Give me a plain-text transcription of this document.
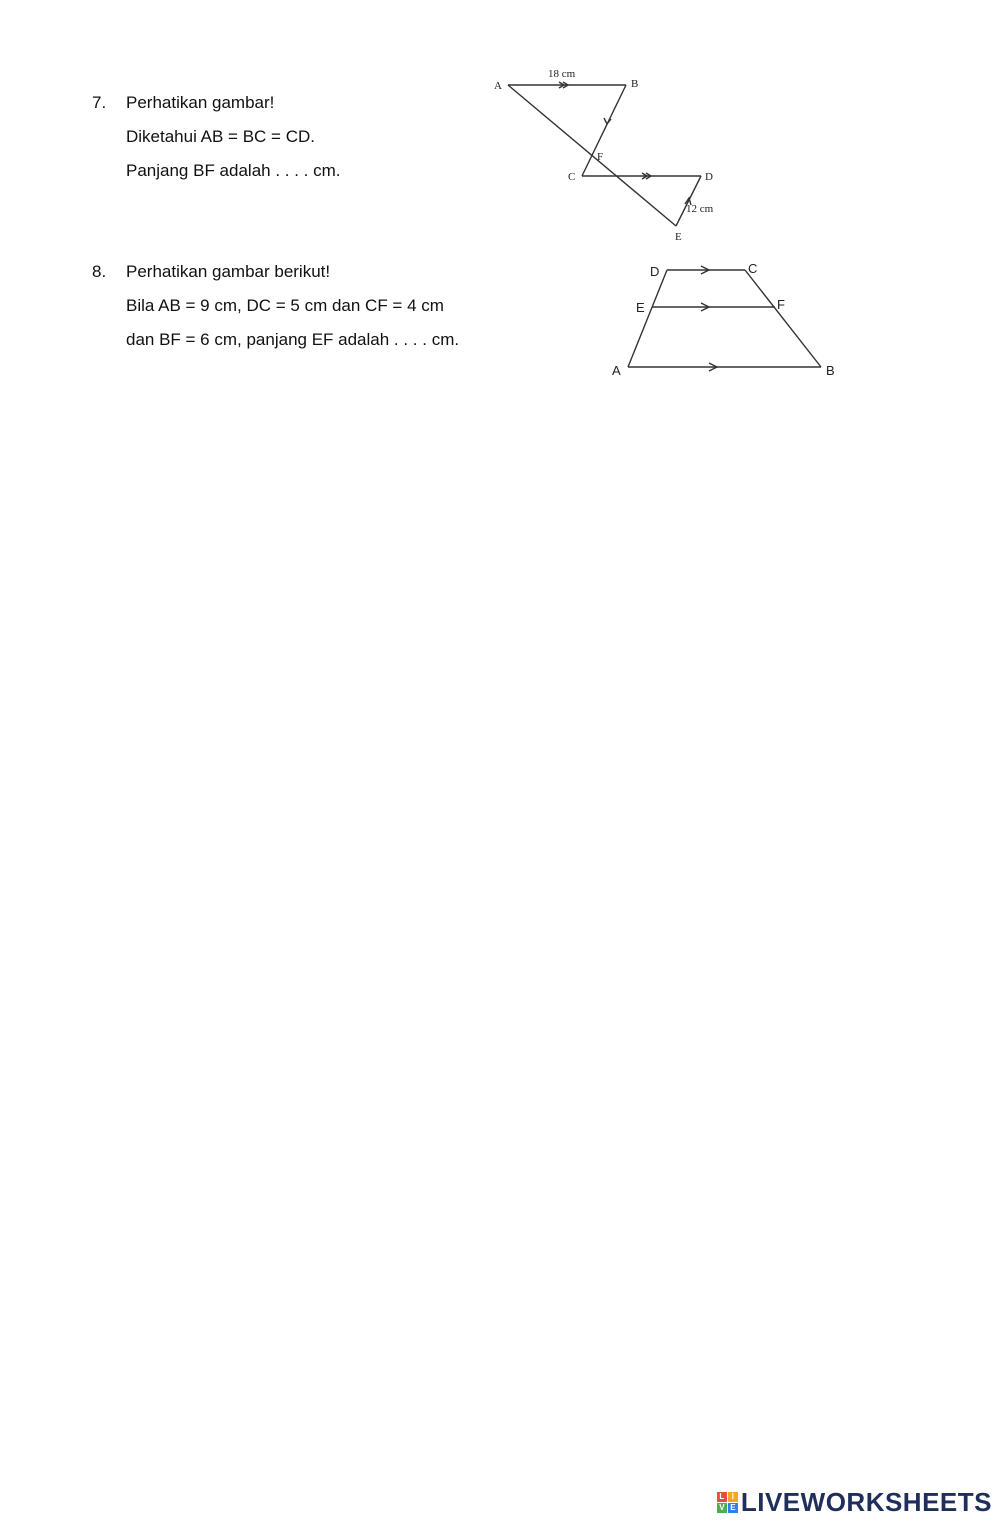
7. Perhatikan gambar!
Diketahui AB = BC = CD.
Panjang BF adalah . . . . cm.
A	B
C	D
E
F
18 cm
12 cm
8. Perhatikan gambar berikut!
Bila AB = 9 cm, DC = 5 cm dan CF = 4 cm
dan BF = 6 cm, panjang EF adalah . . . . cm.
D	C
E	F
A	B
L I
V E LIVEWORKSHEETS
